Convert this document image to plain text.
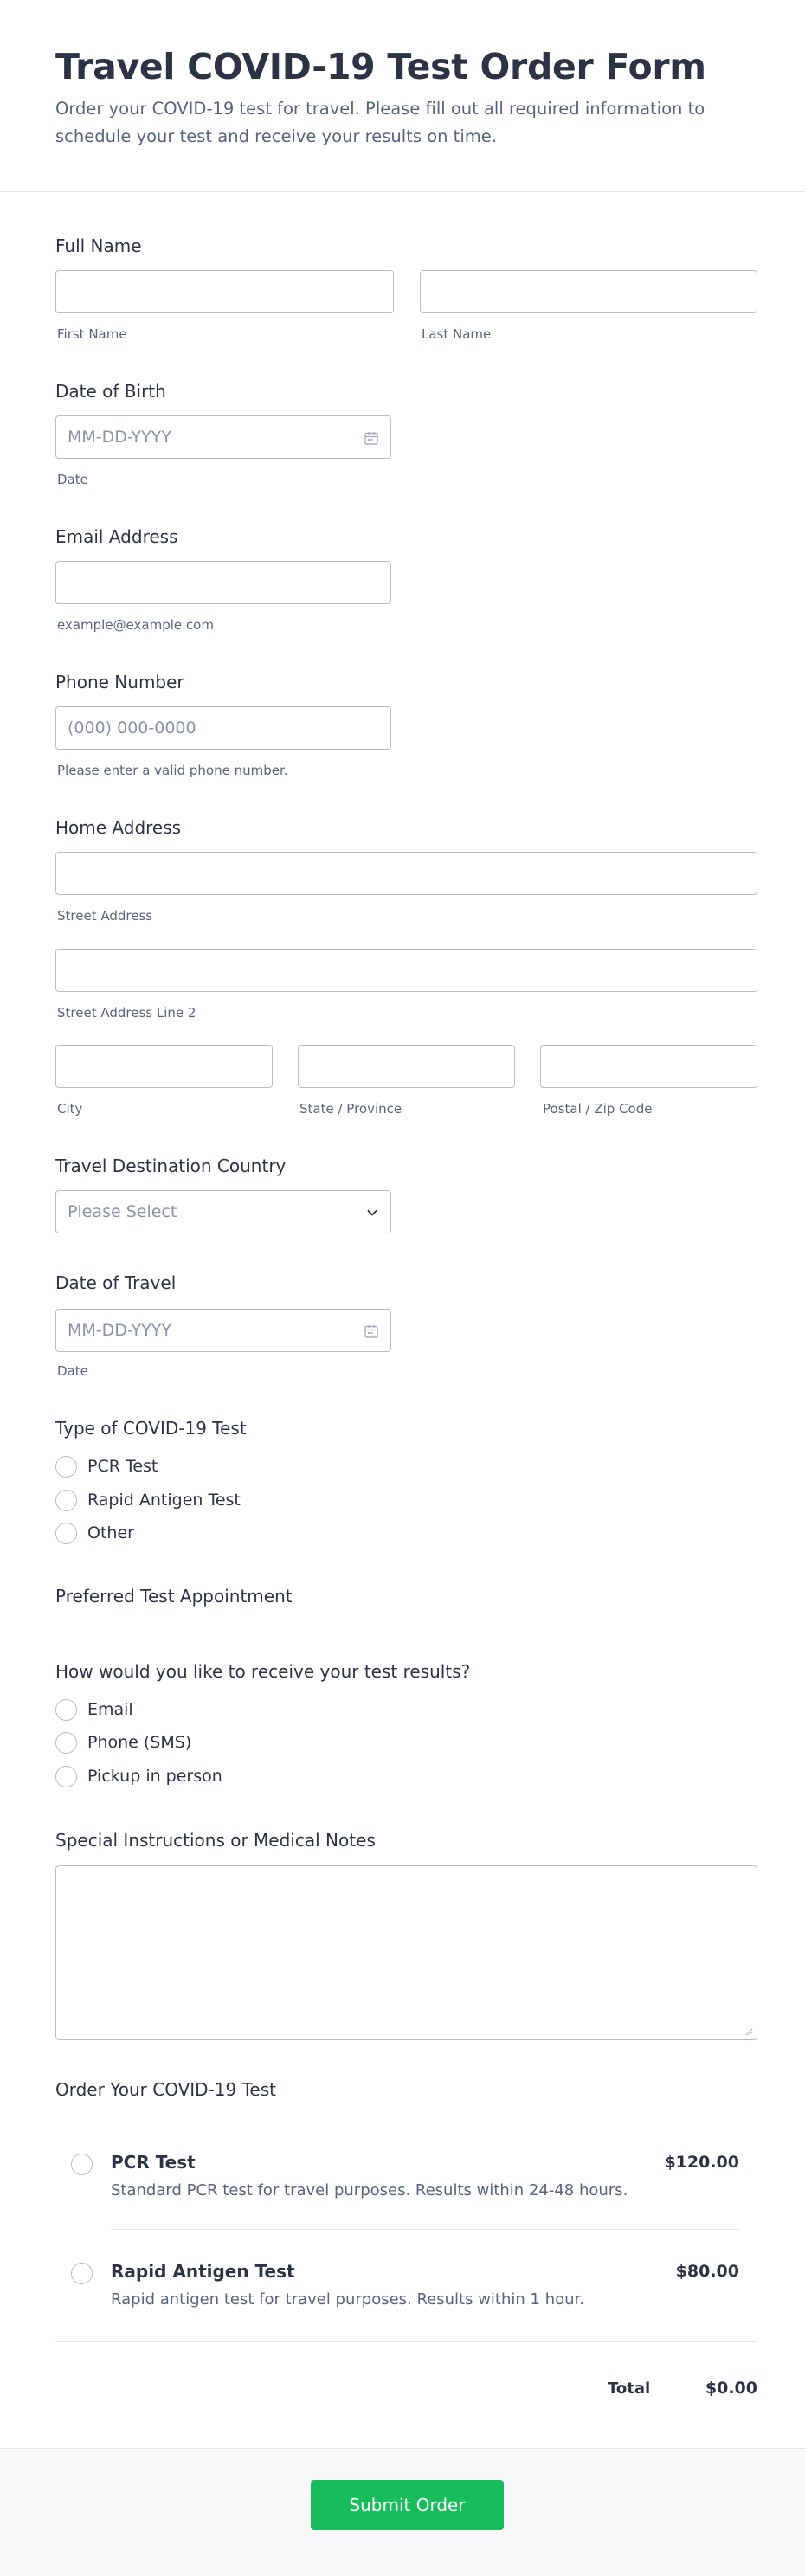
Travel COVID-19 Test Order Form

Order your COVID-19 test for travel. Please fill out all required information to schedule your test and receive your results on time.

Full Name
First Name	Last Name
Date of Birth
MM-DD-YYYY
Date
Email Address
example@example.com
Phone Number
(000) 000-0000
Please enter a valid phone number.
Home Address
Street Address
Street Address Line 2
City	State / Province	Postal / Zip Code
Travel Destination Country
Please Select
Date of Travel
MM-DD-YYYY
Date
Type of COVID-19 Test
PCR Test
Rapid Antigen Test
Other
Preferred Test Appointment
How would you like to receive your test results?
Email
Phone (SMS)
Pickup in person
Special Instructions or Medical Notes
Order Your COVID-19 Test
PCR Test
Standard PCR test for travel purposes. Results within 24-48 hours.
$120.00
Rapid Antigen Test
Rapid antigen test for travel purposes. Results within 1 hour.
$80.00
Total	$0.00
Submit Order
